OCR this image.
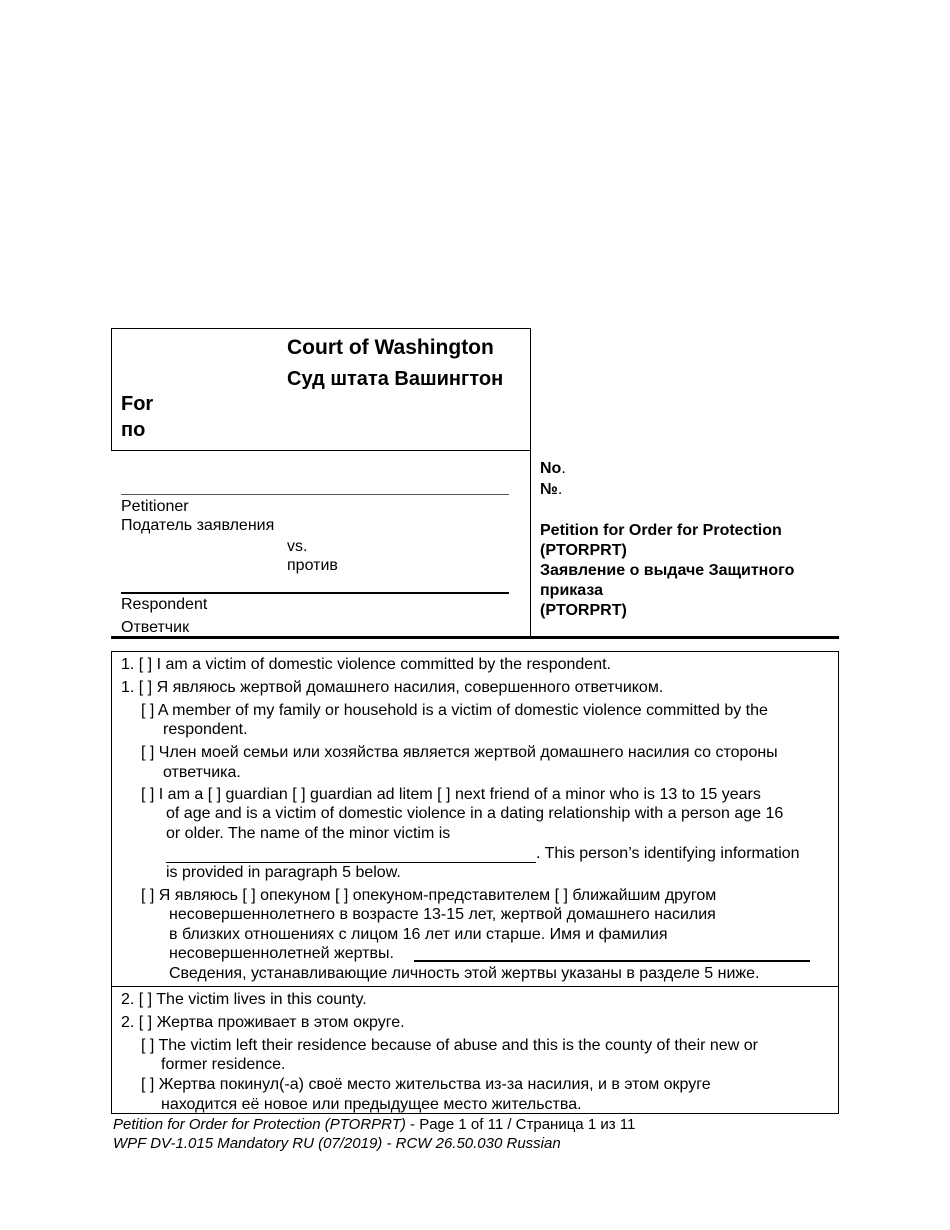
Court of Washington
Суд штата Вашингтон
For
по
Petitioner
Податель заявления
vs.
против
Respondent
Ответчик
No.
№.
Petition for Order for Protection
(PTORPRT)
Заявление о выдаче Защитного
приказа
(PTORPRT)
1. [ ] I am a victim of domestic violence committed by the respondent.
1. [ ] Я являюсь жертвой домашнего насилия, совершенного ответчиком.
[ ] A member of my family or household is a victim of domestic violence committed by the
respondent.
[ ] Член моей семьи или хозяйства является жертвой домашнего насилия со стороны
ответчика.
[ ] I am a [ ] guardian [ ] guardian ad litem [ ] next friend of a minor who is 13 to 15 years
of age and is a victim of domestic violence in a dating relationship with a person age 16
or older. The name of the minor victim is
. This person’s identifying information
is provided in paragraph 5 below.
[ ] Я являюсь [ ] опекуном [ ] опекуном-представителем [ ] ближайшим другом
несовершеннолетнего в возрасте 13-15 лет, жертвой домашнего насилия
в близких отношениях с лицом 16 лет или старше. Имя и фамилия
несовершеннолетней жертвы.
Сведения, устанавливающие личность этой жертвы указаны в разделе 5 ниже.
2. [ ] The victim lives in this county.
2. [ ] Жертва проживает в этом округе.
[ ] The victim left their residence because of abuse and this is the county of their new or
former residence.
[ ] Жертва покинул(-а) своё место жительства из-за насилия, и в этом округе
находится её новое или предыдущее место жительства.
Petition for Order for Protection (PTORPRT) - Page 1 of 11 / Страница 1 из 11
WPF DV-1.015 Mandatory RU (07/2019) - RCW 26.50.030 Russian
